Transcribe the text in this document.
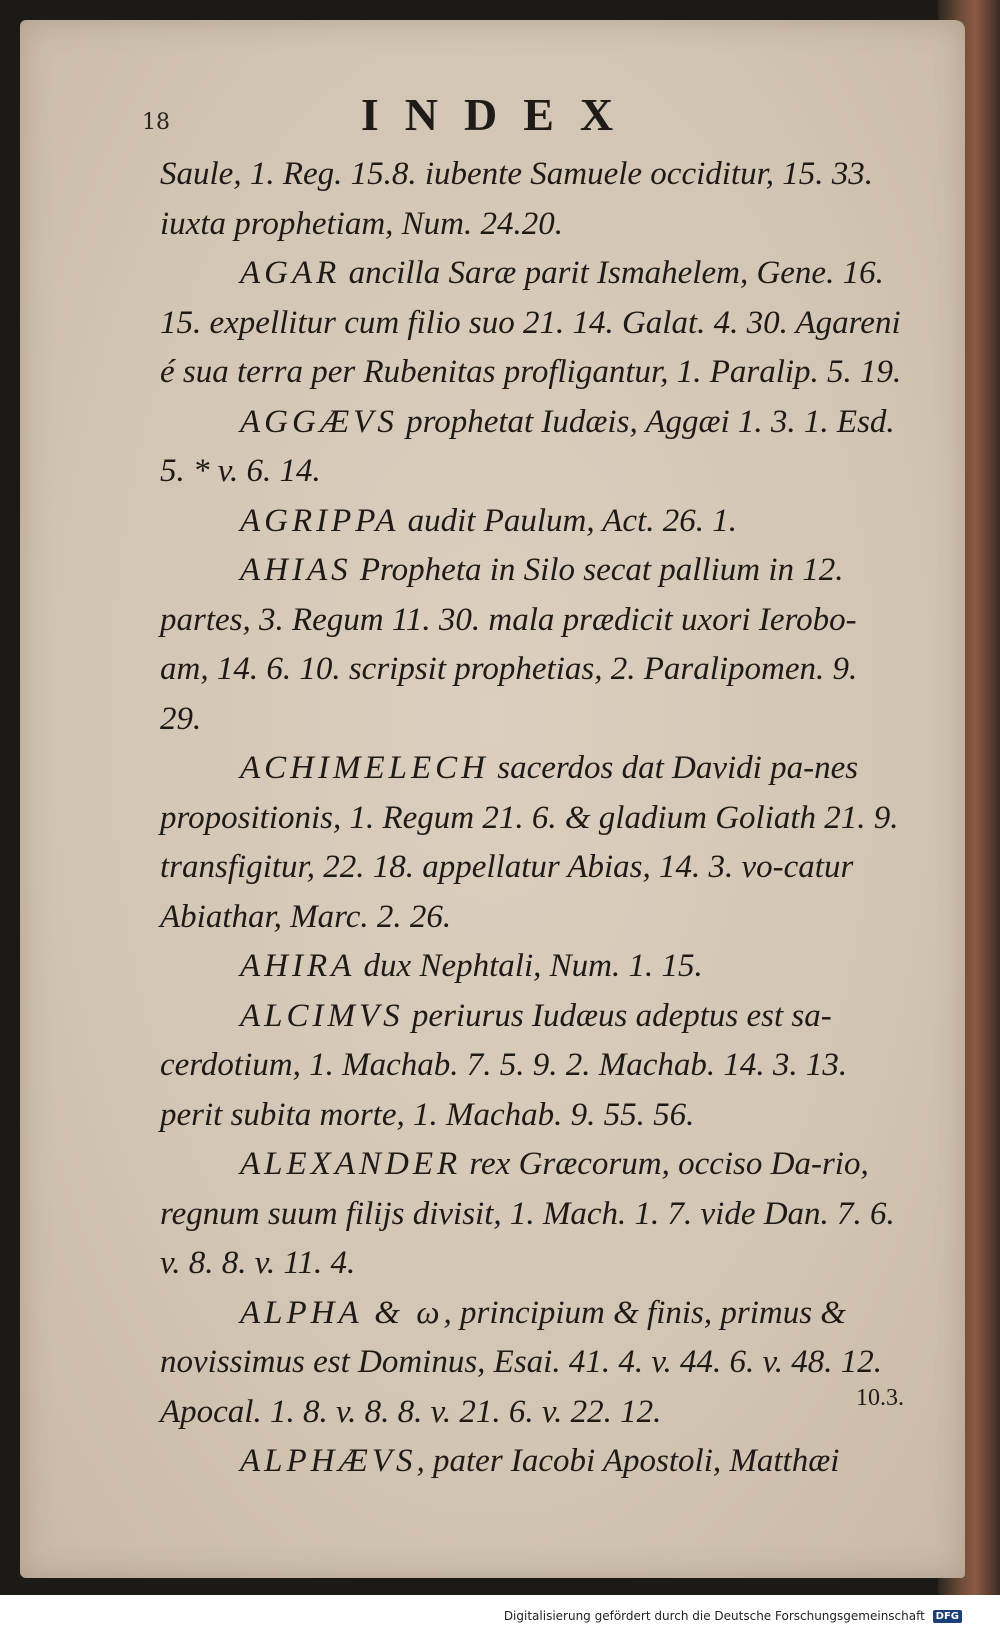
18	INDEX

Saule, 1. Reg. 15.8. iubente Samuele occiditur, 15. 33. iuxta prophetiam, Num. 24.20.

AGAR ancilla Saræ parit Ismahelem, Gene. 16. 15. expellitur cum filio suo 21. 14. Galat. 4. 30. Agareni é sua terra per Rubenitas profligantur, 1. Paralip. 5. 19.

AGGÆVS prophetat Iudæis, Aggæi 1. 3. 1. Esd. 5. * v. 6. 14.

AGRIPPA audit Paulum, Act. 26. 1.

AHIAS Propheta in Silo secat pallium in 12. partes, 3. Regum 11. 30. mala prædicit uxori Ierobo-am, 14. 6. 10. scripsit prophetias, 2. Paralipomen. 9. 29.

ACHIMELECH sacerdos dat Davidi pa-nes propositionis, 1. Regum 21. 6. & gladium Goliath 21. 9. transfigitur, 22. 18. appellatur Abias, 14. 3. vo-catur Abiathar, Marc. 2. 26.

AHIRA dux Nephtali, Num. 1. 15.

ALCIMVS periurus Iudæus adeptus est sa-cerdotium, 1. Machab. 7. 5. 9. 2. Machab. 14. 3. 13. perit subita morte, 1. Machab. 9. 55. 56.

ALEXANDER rex Græcorum, occiso Da-rio, regnum suum filijs divisit, 1. Mach. 1. 7. vide Dan. 7. 6. v. 8. 8. v. 11. 4.

ALPHA & ω, principium & finis, primus & novissimus est Dominus, Esai. 41. 4. v. 44. 6. v. 48. 12. Apocal. 1. 8. v. 8. 8. v. 21. 6. v. 22. 12.

ALPHÆVS, pater Iacobi Apostoli, Matthæi

10.3.
Digitalisierung gefördert durch die Deutsche Forschungsgemeinschaft DFG
